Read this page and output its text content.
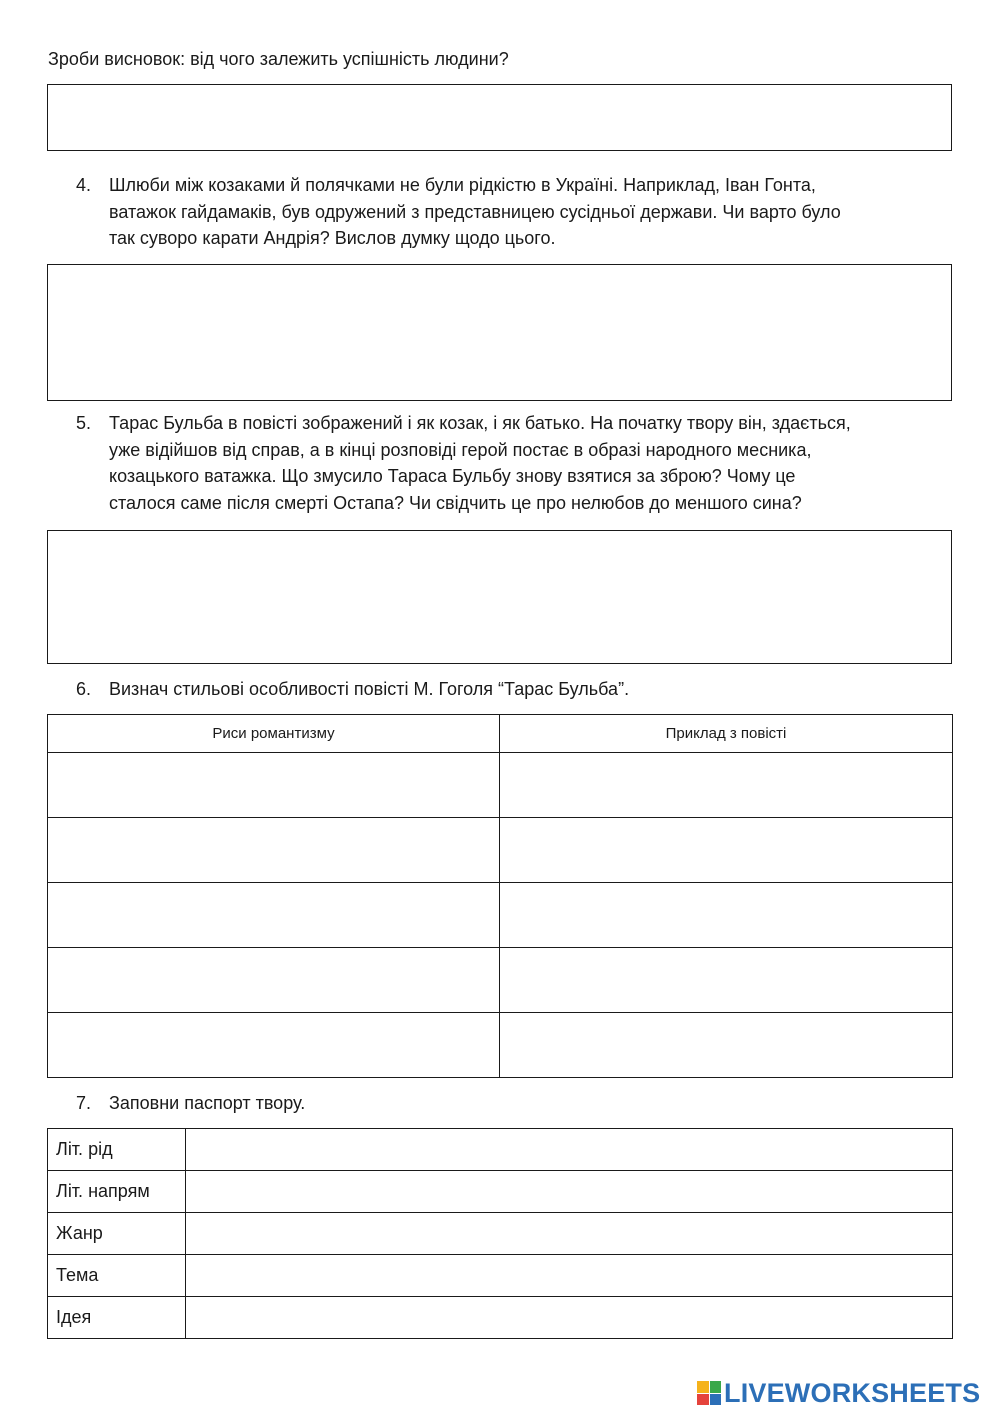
Зроби висновок: від чого залежить успішність людини?
4. Шлюби між козаками й полячками не були рідкістю в Україні. Наприклад, Іван Гонта,
ватажок гайдамаків, був одружений з представницею сусідньої держави. Чи варто було
так суворо карати Андрія? Вислов думку щодо цього.
5. Тарас Бульба в повісті зображений і як козак, і як батько. На початку твору він, здається,
уже відійшов від справ, а в кінці розповіді герой постає в образі народного месника,
козацького ватажка. Що змусило Тараса Бульбу знову взятися за зброю? Чому це
сталося саме після смерті Остапа? Чи свідчить це про нелюбов до меншого сина?
6. Визнач стильові особливості повісті М. Гоголя “Тарас Бульба”.
Риси романтизму	Приклад з повісті

7. Заповни паспорт твору.
Літ. рід	
Літ. напрям	
Жанр	
Тема	
Ідея	
LIVEWORKSHEETS
